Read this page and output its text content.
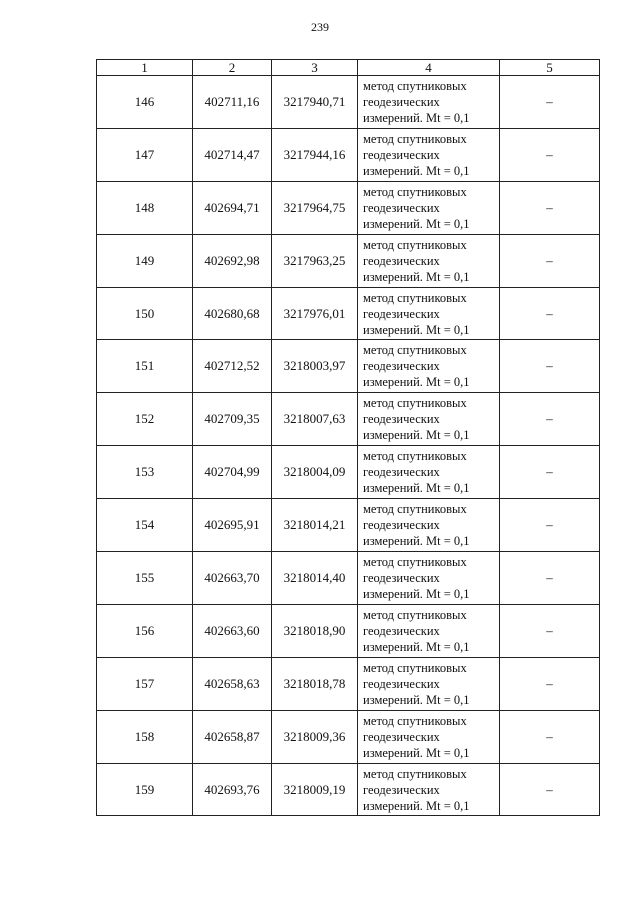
239
1	2	3	4	5
146	402711,16	3217940,71	метод спутниковых
геодезических
измерений. Mt = 0,1	–
147	402714,47	3217944,16	метод спутниковых
геодезических
измерений. Mt = 0,1	–
148	402694,71	3217964,75	метод спутниковых
геодезических
измерений. Mt = 0,1	–
149	402692,98	3217963,25	метод спутниковых
геодезических
измерений. Mt = 0,1	–
150	402680,68	3217976,01	метод спутниковых
геодезических
измерений. Mt = 0,1	–
151	402712,52	3218003,97	метод спутниковых
геодезических
измерений. Mt = 0,1	–
152	402709,35	3218007,63	метод спутниковых
геодезических
измерений. Mt = 0,1	–
153	402704,99	3218004,09	метод спутниковых
геодезических
измерений. Mt = 0,1	–
154	402695,91	3218014,21	метод спутниковых
геодезических
измерений. Mt = 0,1	–
155	402663,70	3218014,40	метод спутниковых
геодезических
измерений. Mt = 0,1	–
156	402663,60	3218018,90	метод спутниковых
геодезических
измерений. Mt = 0,1	–
157	402658,63	3218018,78	метод спутниковых
геодезических
измерений. Mt = 0,1	–
158	402658,87	3218009,36	метод спутниковых
геодезических
измерений. Mt = 0,1	–
159	402693,76	3218009,19	метод спутниковых
геодезических
измерений. Mt = 0,1	–
